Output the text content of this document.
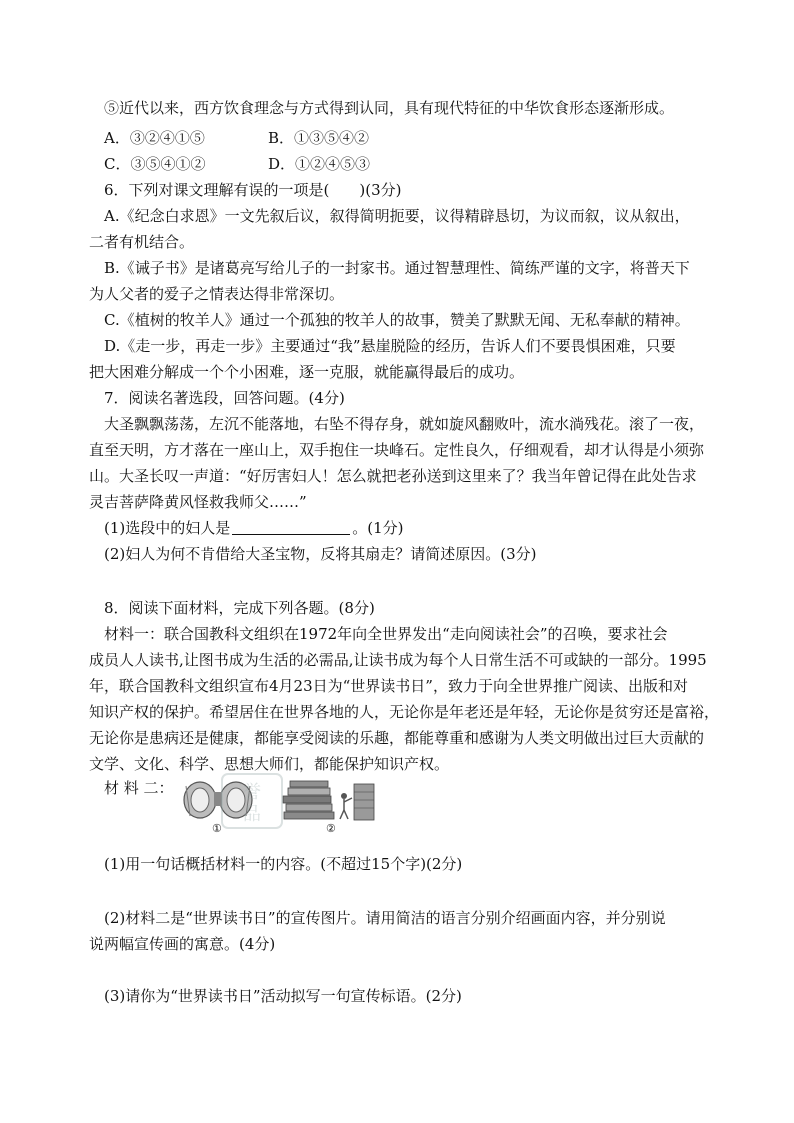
⑤近代以来，西方饮食理念与方式得到认同，具有现代特征的中华饮食形态逐渐形成。
A．③②④①⑤	B．①③⑤④②
C．③⑤④①②	D．①②④⑤③
6．下列对课文理解有误的一项是(　　)(3分)
A.《纪念白求恩》一文先叙后议，叙得简明扼要，议得精辟恳切，为议而叙，议从叙出，
二者有机结合。
B.《诫子书》是诸葛亮写给儿子的一封家书。通过智慧理性、简练严谨的文字，将普天下
为人父者的爱子之情表达得非常深切。
C.《植树的牧羊人》通过一个孤独的牧羊人的故事，赞美了默默无闻、无私奉献的精神。
D.《走一步，再走一步》主要通过“我”悬崖脱险的经历，告诉人们不要畏惧困难，只要
把大困难分解成一个个小困难，逐一克服，就能赢得最后的成功。
7．阅读名著选段，回答问题。(4分)
大圣飘飘荡荡，左沉不能落地，右坠不得存身，就如旋风翻败叶，流水淌残花。滚了一夜，
直至天明，方才落在一座山上，双手抱住一块峰石。定性良久，仔细观看，却才认得是小须弥
山。大圣长叹一声道：“好厉害妇人！怎么就把老孙送到这里来了？我当年曾记得在此处告求
灵吉菩萨降黄风怪救我师父……”
(1)选段中的妇人是	。(1分)
(2)妇人为何不肯借给大圣宝物，反将其扇走？请简述原因。(3分)
8．阅读下面材料，完成下列各题。(8分)
材料一：联合国教科文组织在1972年向全世界发出“走向阅读社会”的召唤，要求社会
成员人人读书,让图书成为生活的必需品,让读书成为每个人日常生活不可或缺的一部分。1995
年，联合国教科文组织宣布4月23日为“世界读书日”，致力于向全世界推广阅读、出版和对
知识产权的保护。希望居住在世界各地的人，无论你是年老还是年轻，无论你是贫穷还是富裕，
无论你是患病还是健康，都能享受阅读的乐趣，都能尊重和感谢为人类文明做出过巨大贡献的
文学、文化、科学、思想大师们，都能保护知识产权。
材 料 二：
①	②
誉
品
(1)用一句话概括材料一的内容。(不超过15个字)(2分)
(2)材料二是“世界读书日”的宣传图片。请用简洁的语言分别介绍画面内容，并分别说
说两幅宣传画的寓意。(4分)
(3)请你为“世界读书日”活动拟写一句宣传标语。(2分)
